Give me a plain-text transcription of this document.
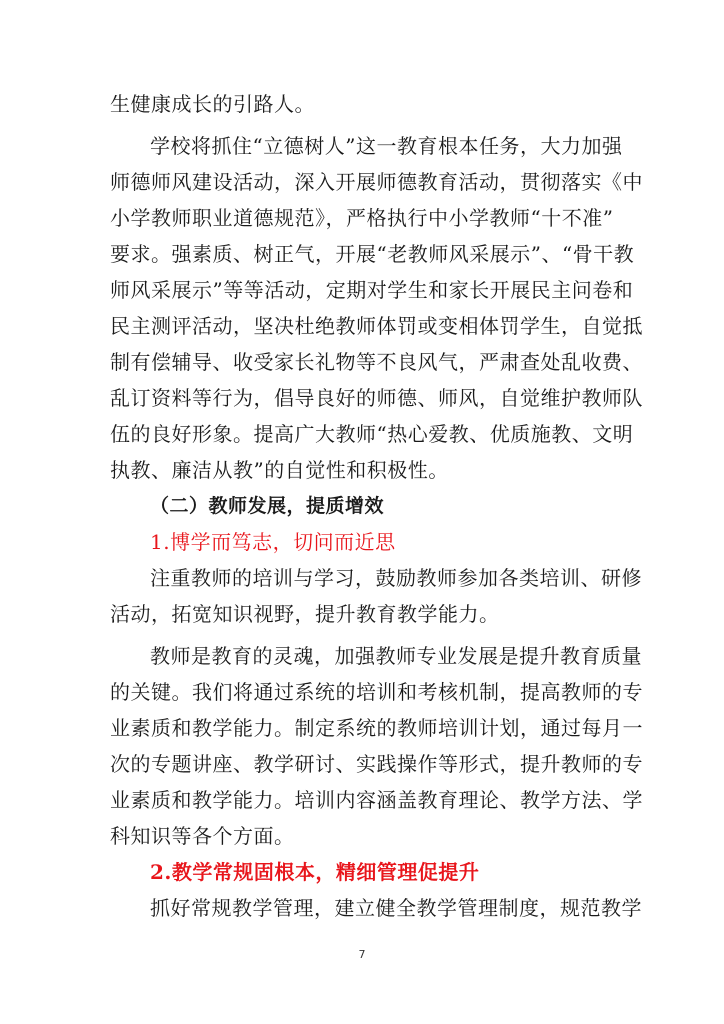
生健康成长的引路人。
学校将抓住“立德树人”这一教育根本任务，大力加强
师德师风建设活动，深入开展师德教育活动，贯彻落实《中
小学教师职业道德规范》，严格执行中小学教师“十不准”
要求。强素质、树正气，开展“老教师风采展示”、“骨干教
师风采展示”等等活动，定期对学生和家长开展民主问卷和
民主测评活动，坚决杜绝教师体罚或变相体罚学生，自觉抵
制有偿辅导、收受家长礼物等不良风气，严肃查处乱收费、
乱订资料等行为，倡导良好的师德、师风，自觉维护教师队
伍的良好形象。提高广大教师“热心爱教、优质施教、文明
执教、廉洁从教”的自觉性和积极性。
（二）教师发展，提质增效
1.博学而笃志，切问而近思
注重教师的培训与学习，鼓励教师参加各类培训、研修
活动，拓宽知识视野，提升教育教学能力。
教师是教育的灵魂，加强教师专业发展是提升教育质量
的关键。我们将通过系统的培训和考核机制，提高教师的专
业素质和教学能力。制定系统的教师培训计划，通过每月一
次的专题讲座、教学研讨、实践操作等形式，提升教师的专
业素质和教学能力。培训内容涵盖教育理论、教学方法、学
科知识等各个方面。
2.教学常规固根本，精细管理促提升
抓好常规教学管理，建立健全教学管理制度，规范教学
7
